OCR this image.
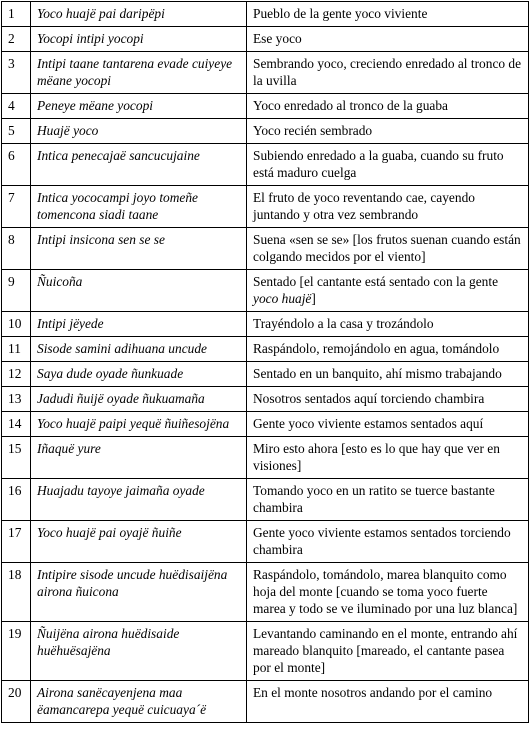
1	Yoco huajë pai daripëpi	Pueblo de la gente yoco viviente
2	Yocopi intipi yocopi	Ese yoco
3	Intipi taane tantarena evade cuiyeye mëane yocopi	Sembrando yoco, creciendo enredado al tronco de la uvilla
4	Peneye mëane yocopi	Yoco enredado al tronco de la guaba
5	Huajë yoco	Yoco recién sembrado
6	Intica penecajaë sancucujaine	Subiendo enredado a la guaba, cuando su fruto está maduro cuelga
7	Intica yococampi joyo tomeñe tomencona siadi taane	El fruto de yoco reventando cae, cayendo juntando y otra vez sembrando
8	Intipi insicona sen se se	Suena «sen se se» [los frutos suenan cuando están colgando mecidos por el viento]
9	Ñuicoña	Sentado [el cantante está sentado con la gente yoco huajë]
10	Intipi jëyede	Trayéndolo a la casa y trozándolo
11	Sisode samini adihuana uncude	Raspándolo, remojándolo en agua, tomándolo
12	Saya dude oyade ñunkuade	Sentado en un banquito, ahí mismo trabajando
13	Jadudi ñuijë oyade ñukuamaña	Nosotros sentados aquí torciendo chambira
14	Yoco huajë paipi yequë ñuiñesojëna	Gente yoco viviente estamos sentados aquí
15	Iñaquë yure	Miro esto ahora [esto es lo que hay que ver en visiones]
16	Huajadu tayoye jaimaña oyade	Tomando yoco en un ratito se tuerce bastante chambira
17	Yoco huajë pai oyajë ñuiñe	Gente yoco viviente estamos sentados torciendo chambira
18	Intipire sisode uncude huëdisaijëna airona ñuicona	Raspándolo, tomándolo, marea blanquito como hoja del monte [cuando se toma yoco fuerte marea y todo se ve iluminado por una luz blanca]
19	Ñuijëna airona huëdisaide huëhuësajëna	Levantando caminando en el monte, entrando ahí mareado blanquito [mareado, el cantante pasea por el monte]
20	Airona sanëcayenjena maa ëamancarepa yequë cuicuaya´ë	En el monte nosotros andando por el camino
